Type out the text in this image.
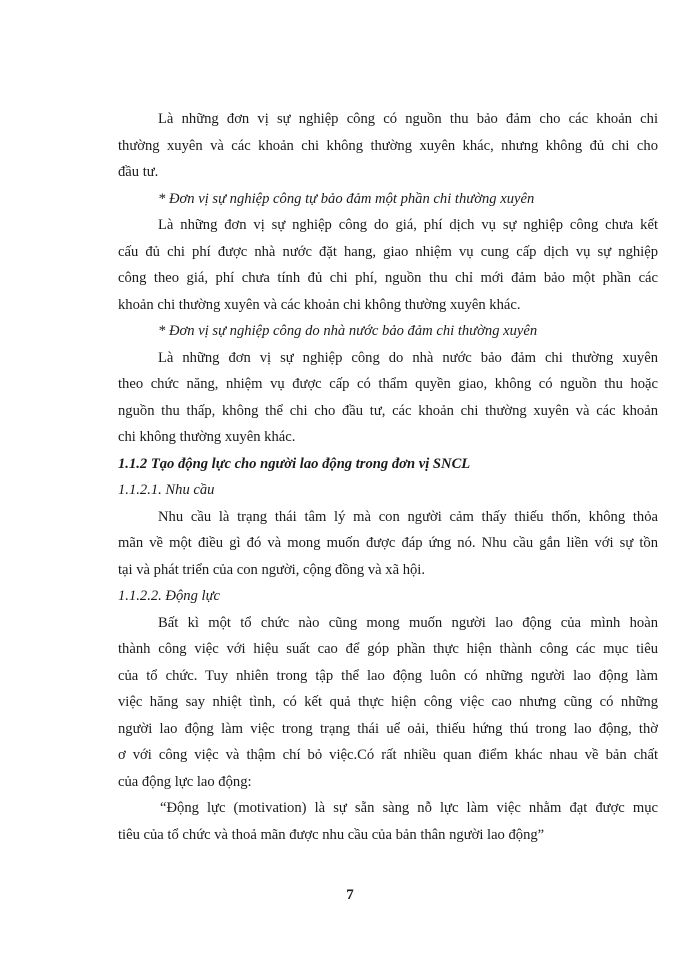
Là những đơn vị sự nghiệp công có nguồn thu bảo đảm cho các khoản chi
thường xuyên và các khoản chi không thường xuyên khác, nhưng không đủ chi cho
đầu tư.
* Đơn vị sự nghiệp công tự bảo đảm một phần chi thường xuyên
Là những đơn vị sự nghiệp công do giá, phí dịch vụ sự nghiệp công chưa kết
cấu đủ chi phí được nhà nước đặt hang, giao nhiệm vụ cung cấp dịch vụ sự nghiệp
công theo giá, phí chưa tính đủ chi phí, nguồn thu chỉ mới đảm bảo một phần các
khoản chi thường xuyên và các khoản chi không thường xuyên khác.
* Đơn vị sự nghiệp công do nhà nước bảo đảm chi thường xuyên
Là những đơn vị sự nghiệp công do nhà nước bảo đảm chi thường xuyên
theo chức năng, nhiệm vụ được cấp có thẩm quyền giao, không có nguồn thu hoặc
nguồn thu thấp, không thể chi cho đầu tư, các khoản chi thường xuyên và các khoản
chi không thường xuyên khác.
1.1.2 Tạo động lực cho người lao động trong đơn vị SNCL
1.1.2.1. Nhu cầu
Nhu cầu là trạng thái tâm lý mà con người cảm thấy thiếu thốn, không thỏa
mãn về một điều gì đó và mong muốn được đáp ứng nó. Nhu cầu gắn liền với sự tồn
tại và phát triển của con người, cộng đồng và xã hội.
1.1.2.2. Động lực
Bất kì một tổ chức nào cũng mong muốn người lao động của mình hoàn
thành công việc với hiệu suất cao để góp phần thực hiện thành công các mục tiêu
của tổ chức. Tuy nhiên trong tập thể lao động luôn có những người lao động làm
việc hăng say nhiệt tình, có kết quả thực hiện công việc cao nhưng cũng có những
người lao động làm việc trong trạng thái uể oải, thiếu hứng thú trong lao động, thờ
ơ với công việc và thậm chí bỏ việc.Có rất nhiều quan điểm khác nhau về bản chất
của động lực lao động:
“Động lực (motivation) là sự sẵn sàng nỗ lực làm việc nhằm đạt được mục
tiêu của tổ chức và thoả mãn được nhu cầu của bản thân người lao động”
7
